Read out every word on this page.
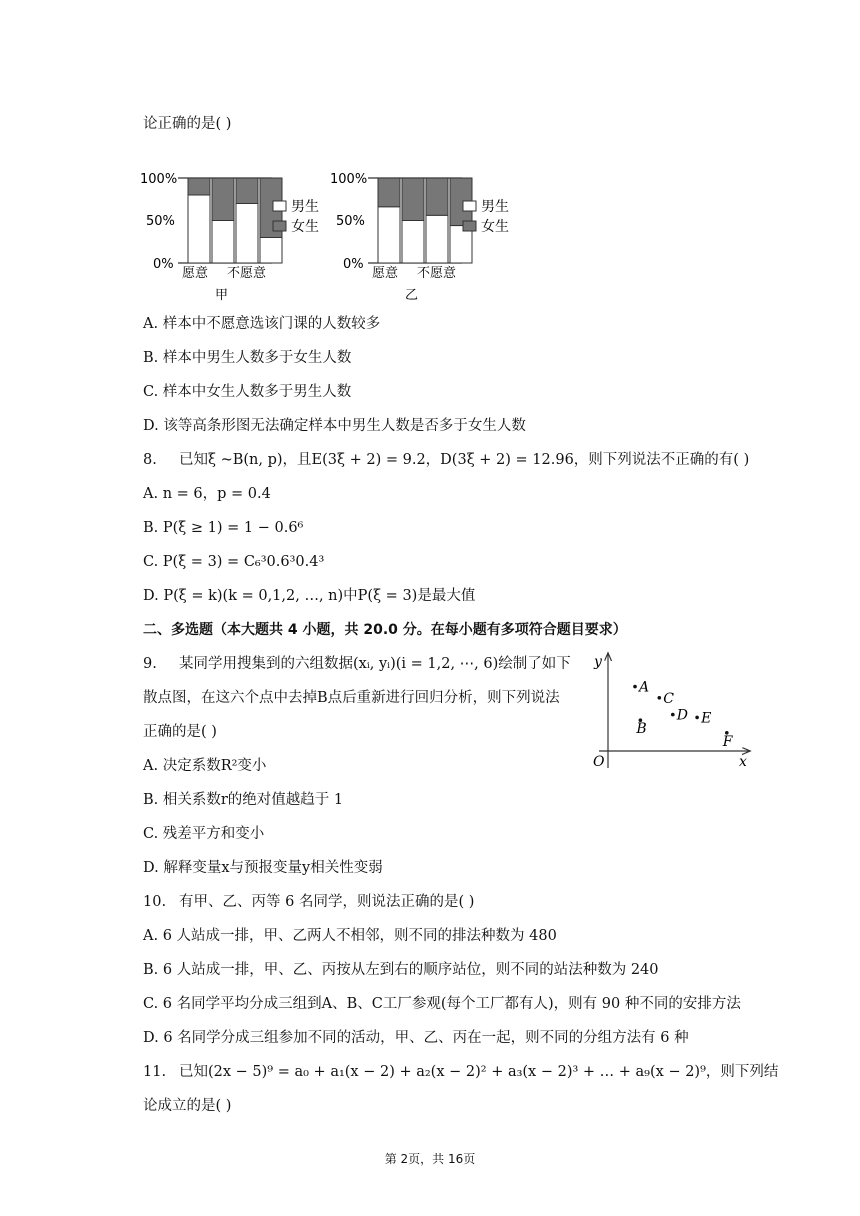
论正确的是( )
100%
50%
0%
愿意 不愿意
甲
男生
女生
100%
50%
0%
愿意 不愿意
乙
男生
女生
A. 样本中不愿意选该门课的人数较多
B. 样本中男生人数多于女生人数
C. 样本中女生人数多于男生人数
D. 该等高条形图无法确定样本中男生人数是否多于女生人数
8. 已知ξ ~B(n, p)，且E(3ξ + 2) = 9.2，D(3ξ + 2) = 12.96，则下列说法不正确的有( )
A. n = 6，p = 0.4
B. P(ξ ≥ 1) = 1 − 0.6⁶
C. P(ξ = 3) = C₆³0.6³0.4³
D. P(ξ = k)(k = 0,1,2, …, n)中P(ξ = 3)是最大值
二、多选题（本大题共 4 小题，共 20.0 分。在每小题有多项符合题目要求）
9. 某同学用搜集到的六组数据(xᵢ, yᵢ)(i = 1,2, ⋯, 6)绘制了如下
散点图，在这六个点中去掉B点后重新进行回归分析，则下列说法
正确的是( )
A. 决定系数R²变小
B. 相关系数r的绝对值越趋于 1
C. 残差平方和变小
D. 解释变量x与预报变量y相关性变弱
y
x
O
A
B
C
D E
F
10. 有甲、乙、丙等 6 名同学，则说法正确的是( )
A. 6 人站成一排，甲、乙两人不相邻，则不同的排法种数为 480
B. 6 人站成一排，甲、乙、丙按从左到右的顺序站位，则不同的站法种数为 240
C. 6 名同学平均分成三组到A、B、C工厂参观(每个工厂都有人)，则有 90 种不同的安排方法
D. 6 名同学分成三组参加不同的活动，甲、乙、丙在一起，则不同的分组方法有 6 种
11. 已知(2x − 5)⁹ = a₀ + a₁(x − 2) + a₂(x − 2)² + a₃(x − 2)³ + … + a₉(x − 2)⁹，则下列结
论成立的是( )
第 2页，共 16页
